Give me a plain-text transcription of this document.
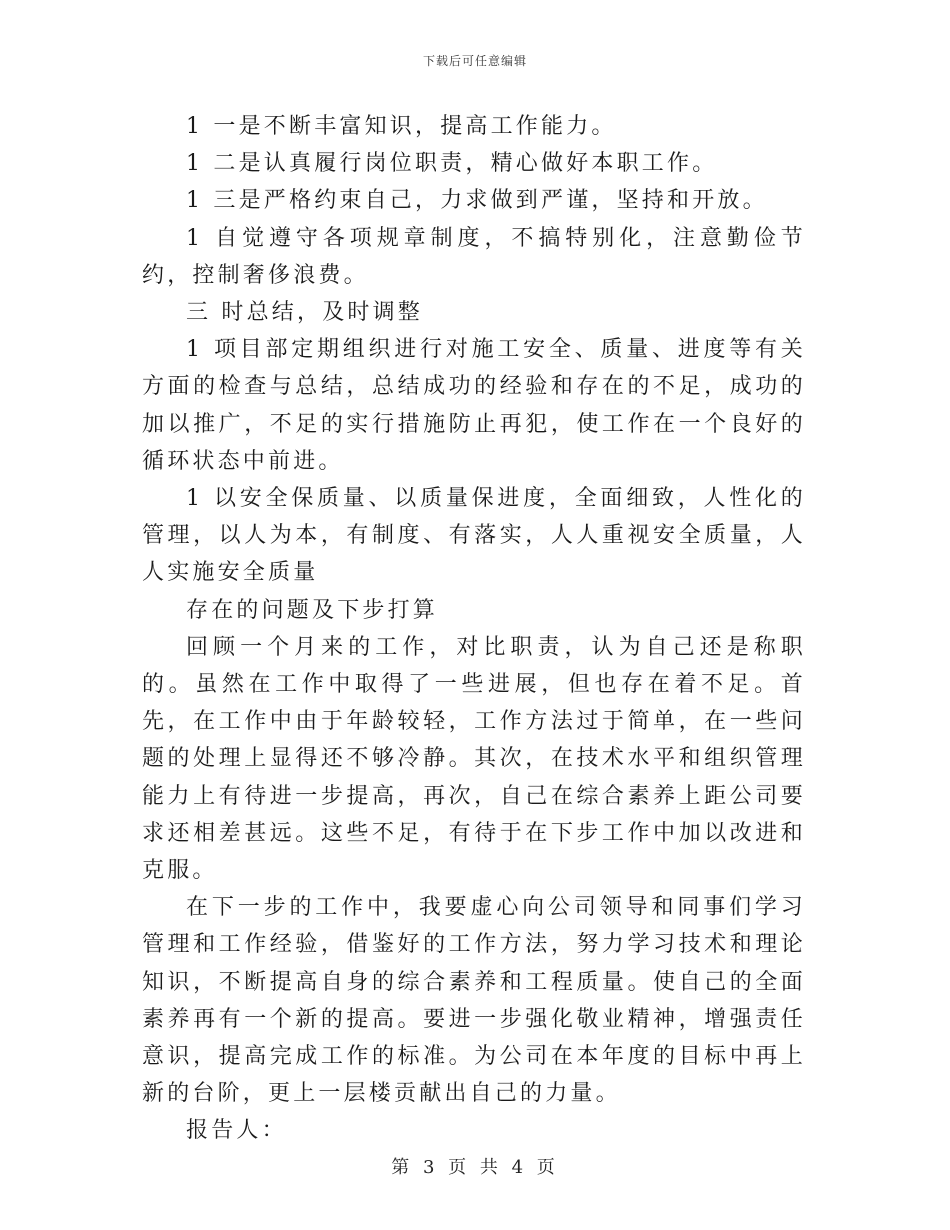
下载后可任意编辑

1 一是不断丰富知识，提高工作能力。

1 二是认真履行岗位职责，精心做好本职工作。

1 三是严格约束自己，力求做到严谨，坚持和开放。

1 自觉遵守各项规章制度，不搞特别化，注意勤俭节约，控制奢侈浪费。

三 时总结，及时调整

1 项目部定期组织进行对施工安全、质量、进度等有关方面的检查与总结，总结成功的经验和存在的不足，成功的加以推广，不足的实行措施防止再犯，使工作在一个良好的循环状态中前进。

1 以安全保质量、以质量保进度，全面细致，人性化的管理，以人为本，有制度、有落实，人人重视安全质量，人人实施安全质量

存在的问题及下步打算

回顾一个月来的工作，对比职责，认为自己还是称职的。虽然在工作中取得了一些进展，但也存在着不足。首先，在工作中由于年龄较轻，工作方法过于简单，在一些问题的处理上显得还不够冷静。其次，在技术水平和组织管理能力上有待进一步提高，再次，自己在综合素养上距公司要求还相差甚远。这些不足，有待于在下步工作中加以改进和克服。

在下一步的工作中，我要虚心向公司领导和同事们学习管理和工作经验，借鉴好的工作方法，努力学习技术和理论知识，不断提高自身的综合素养和工程质量。使自己的全面素养再有一个新的提高。要进一步强化敬业精神，增强责任意识，提高完成工作的标准。为公司在本年度的目标中再上新的台阶，更上一层楼贡献出自己的力量。

报告人：

第 3 页 共 4 页
